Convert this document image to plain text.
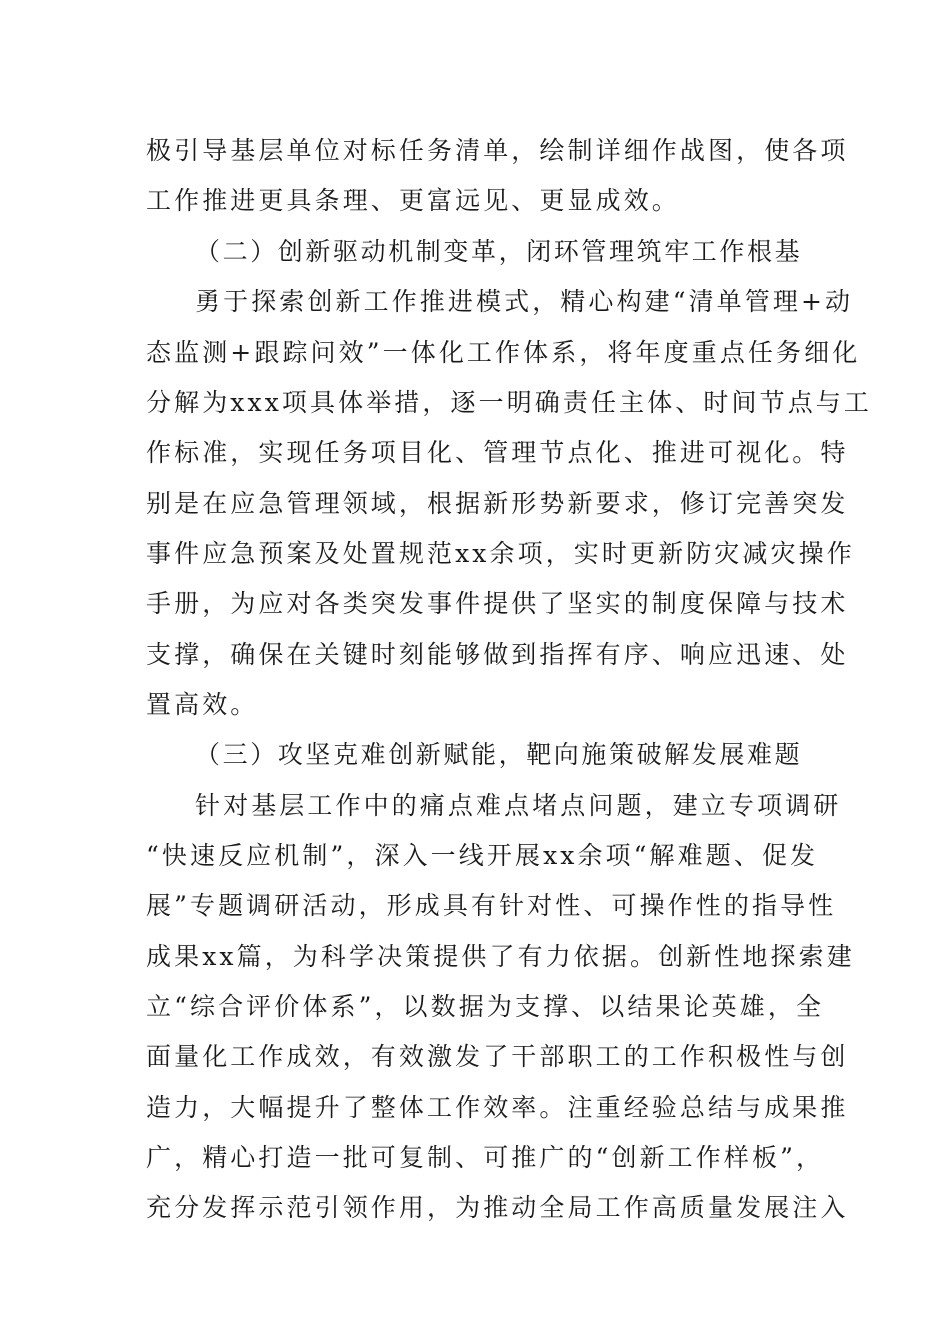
极引导基层单位对标任务清单，绘制详细作战图，使各项
工作推进更具条理、更富远见、更显成效。
（二）创新驱动机制变革，闭环管理筑牢工作根基
勇于探索创新工作推进模式，精心构建“清单管理+动
态监测+跟踪问效”一体化工作体系，将年度重点任务细化
分解为xxx项具体举措，逐一明确责任主体、时间节点与工
作标准，实现任务项目化、管理节点化、推进可视化。特
别是在应急管理领域，根据新形势新要求，修订完善突发
事件应急预案及处置规范xx余项，实时更新防灾减灾操作
手册，为应对各类突发事件提供了坚实的制度保障与技术
支撑，确保在关键时刻能够做到指挥有序、响应迅速、处
置高效。
（三）攻坚克难创新赋能，靶向施策破解发展难题
针对基层工作中的痛点难点堵点问题，建立专项调研
“快速反应机制”，深入一线开展xx余项“解难题、促发
展”专题调研活动，形成具有针对性、可操作性的指导性
成果xx篇，为科学决策提供了有力依据。创新性地探索建
立“综合评价体系”，以数据为支撑、以结果论英雄，全
面量化工作成效，有效激发了干部职工的工作积极性与创
造力，大幅提升了整体工作效率。注重经验总结与成果推
广，精心打造一批可复制、可推广的“创新工作样板”，
充分发挥示范引领作用，为推动全局工作高质量发展注入
